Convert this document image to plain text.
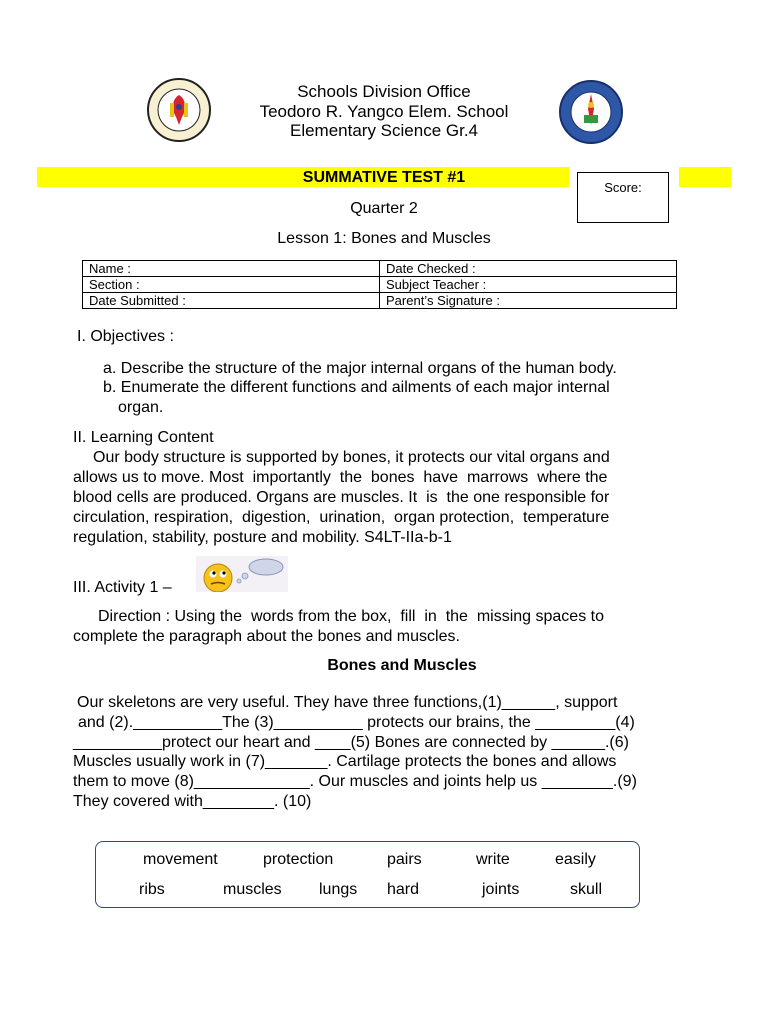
Schools Division Office
Teodoro R. Yangco Elem. School
Elementary Science Gr.4
SUMMATIVE TEST #1
Score:
Quarter 2
Lesson 1: Bones and Muscles
Name :	Date Checked :
Section :	Subject Teacher :
Date Submitted :	Parent’s Signature :
I. Objectives :
a. Describe the structure of the major internal organs of the human body.
b. Enumerate the different functions and ailments of each major internal
organ.
II. Learning Content
Our body structure is supported by bones, it protects our vital organs and
allows us to move. Most  importantly  the  bones  have  marrows  where the
blood cells are produced. Organs are muscles. It  is  the one responsible for
circulation, respiration,  digestion,  urination,  organ protection,  temperature
regulation, stability, posture and mobility. S4LT-IIa-b-1
III. Activity 1 –
Direction : Using the  words from the box,  fill  in  the  missing spaces to
complete the paragraph about the bones and muscles.
Bones and Muscles
Our skeletons are very useful. They have three functions,(1)______, support
and (2).__________The (3)__________ protects our brains, the _________(4)
__________protect our heart and ____(5) Bones are connected by ______.(6)
Muscles usually work in (7)_______. Cartilage protects the bones and allows
them to move (8)_____________. Our muscles and joints help us ________.(9)
They covered with________. (10)
movement	protection	pairs	write	easily
ribs	muscles lungs hard	joints	skull
